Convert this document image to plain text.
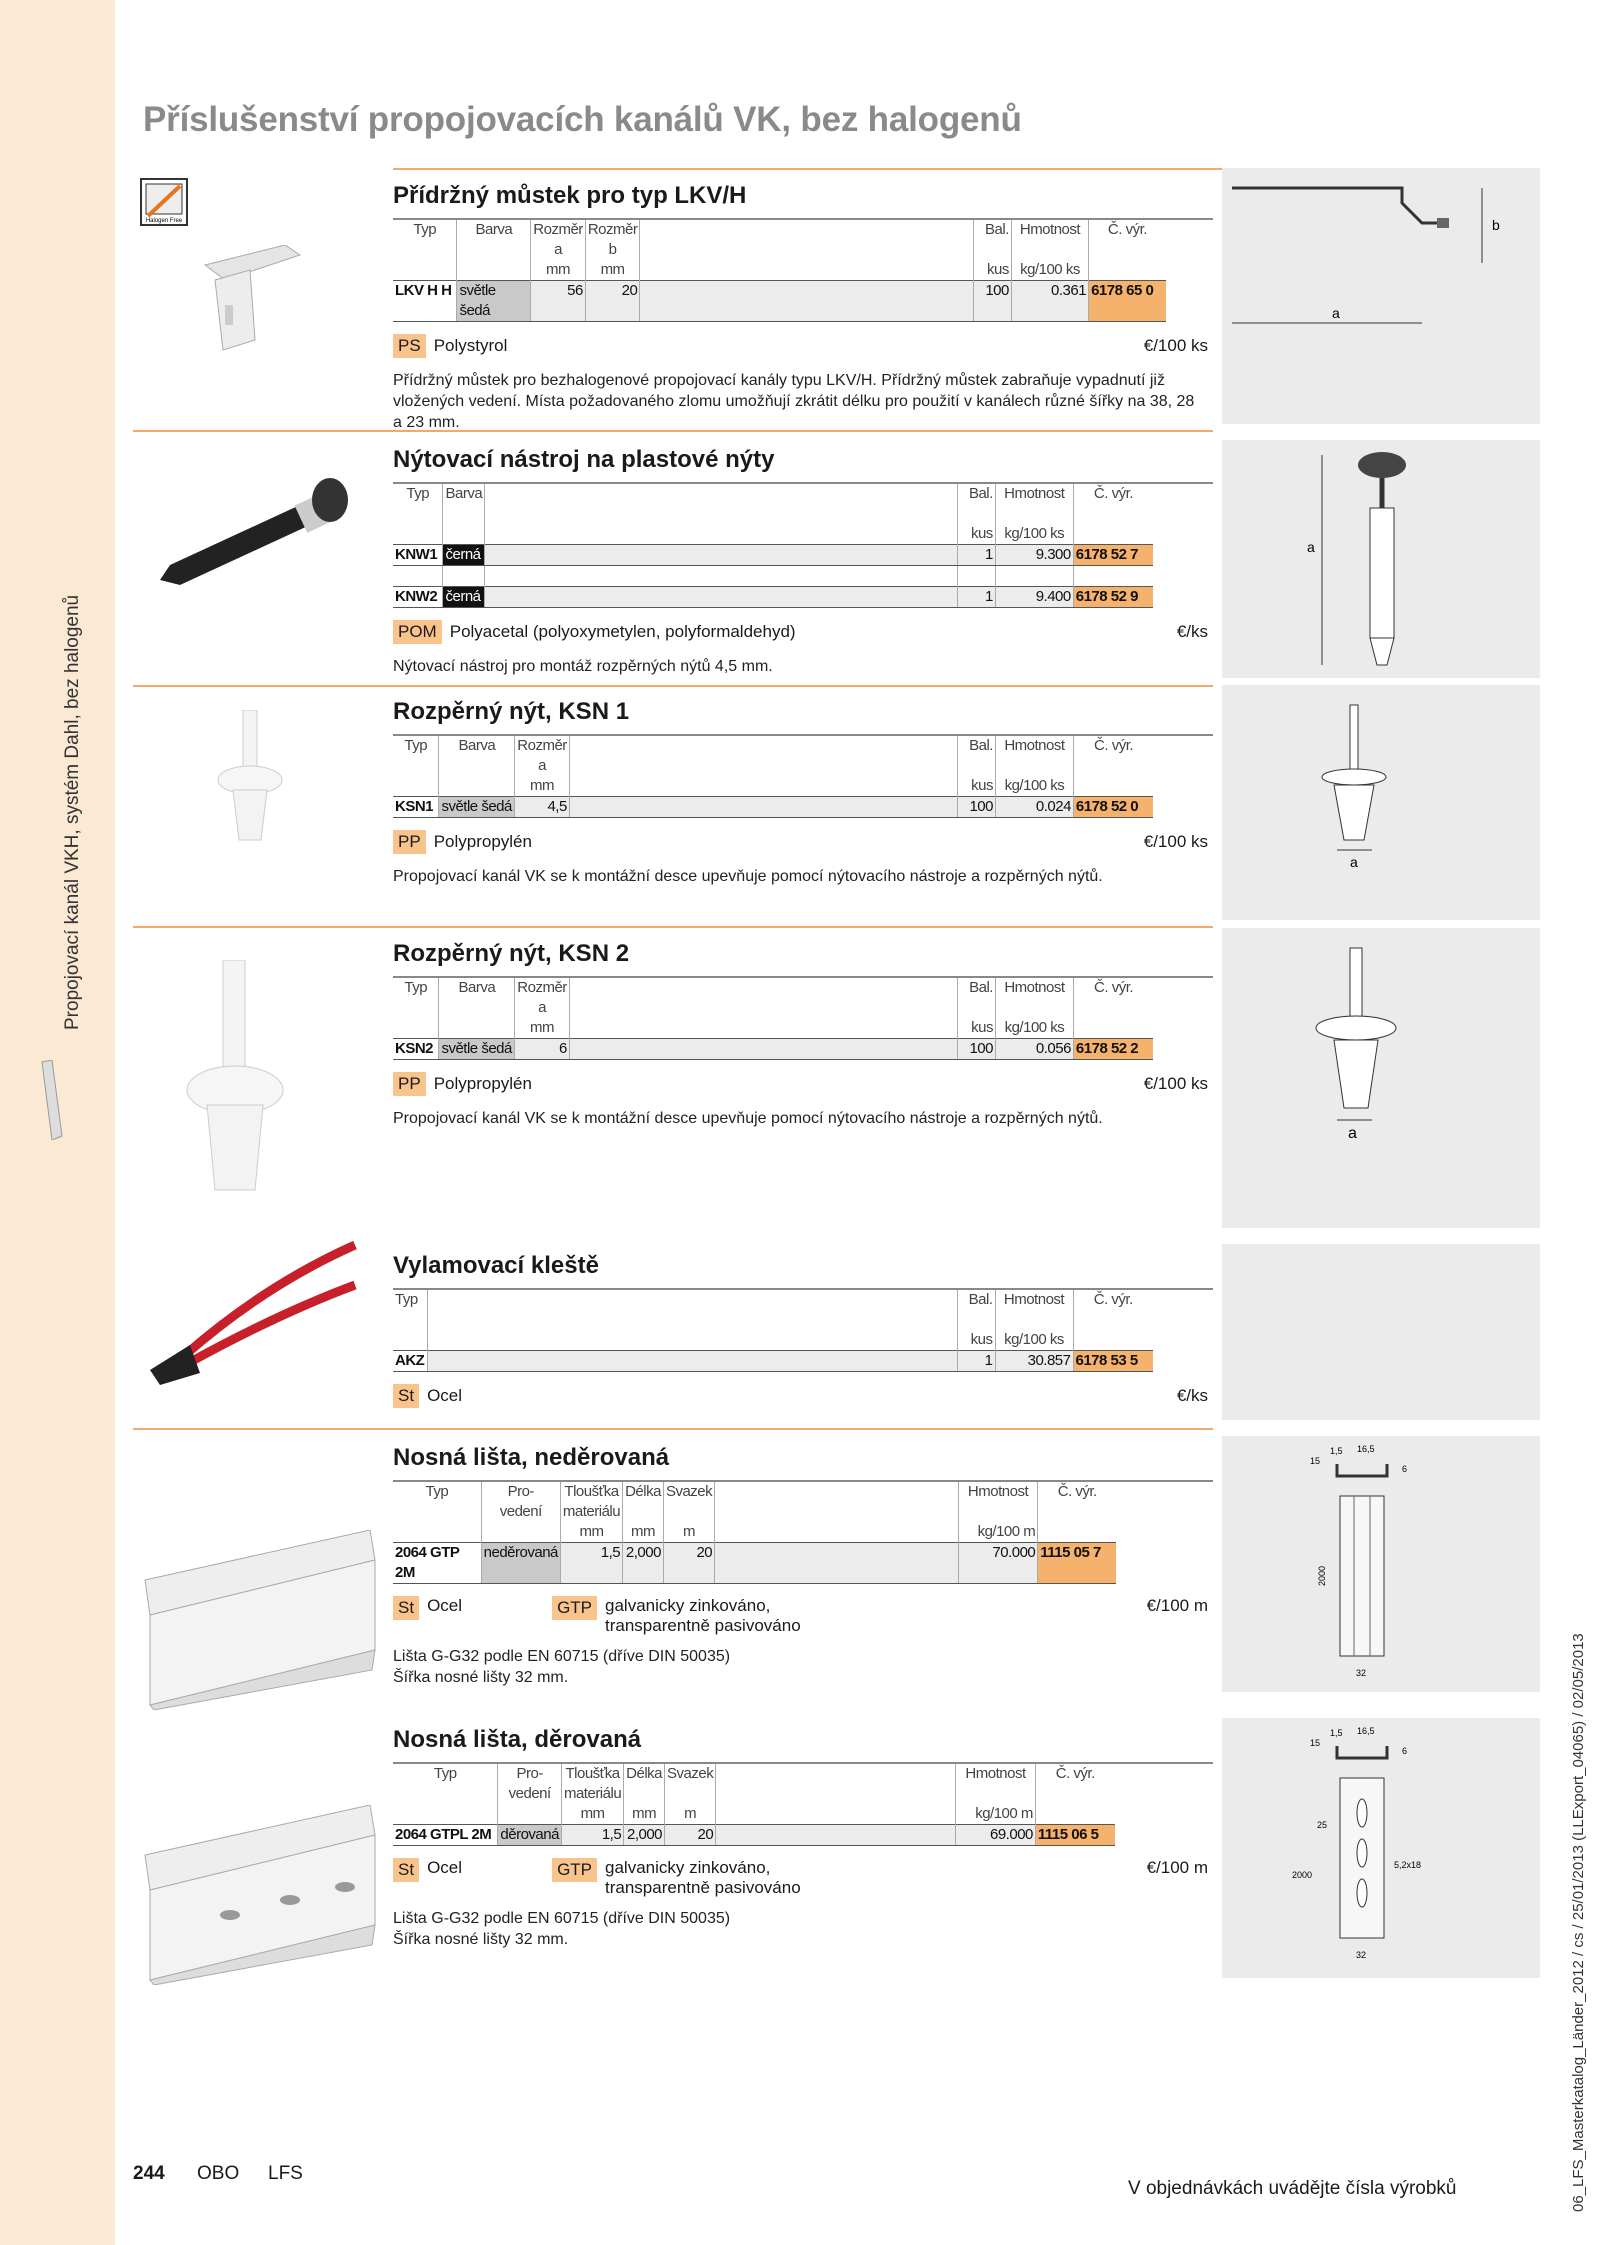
Propojovací kanál VKH, systém Dahl, bez halogenů
Příslušenství propojovacích kanálů VK, bez halogenů
Halogen Free
Přídržný můstek pro typ LKV/H
Typ	Barva	Rozměr	Rozměr		Bal.	Hmotnost	Č. výr.	
		a	b					
		mm	mm		kus	kg/100 ks		
LKV H H	světle šedá	56	20		100	0.361	6178 65 0	
PS Polystyrol	€/100 ks
Přídržný můstek pro bezhalogenové propojovací kanály typu LKV/H. Přídržný můstek zabraňuje vypadnutí již vložených vedení. Místa požadovaného zlomu umožňují zkrátit délku pro použití v kanálech různé šířky na 38, 28 a 23 mm.
a
b
Nýtovací nástroj na plastové nýty
Typ	Barva		Bal.	Hmotnost	Č. výr.	

			kus	kg/100 ks		
KNW1	černá		1	9.300	6178 52 7	

KNW2	černá		1	9.400	6178 52 9	
POM Polyacetal (polyoxymetylen, polyformaldehyd)	€/ks
Nýtovací nástroj pro montáž rozpěrných nýtů 4,5 mm.
a
Rozpěrný nýt, KSN 1
Typ	Barva	Rozměr		Bal.	Hmotnost	Č. výr.	
		a					
		mm		kus	kg/100 ks		
KSN1	světle šedá	4,5		100	0.024	6178 52 0	
PP Polypropylén	€/100 ks
Propojovací kanál VK se k montážní desce upevňuje pomocí nýtovacího nástroje a rozpěrných nýtů.
a
Rozpěrný nýt, KSN 2
Typ	Barva	Rozměr		Bal.	Hmotnost	Č. výr.	
		a					
		mm		kus	kg/100 ks		
KSN2	světle šedá	6		100	0.056	6178 52 2	
PP Polypropylén	€/100 ks
Propojovací kanál VK se k montážní desce upevňuje pomocí nýtovacího nástroje a rozpěrných nýtů.
a
Vylamovací kleště
Typ		Bal.	Hmotnost	Č. výr.	

		kus	kg/100 ks		
AKZ		1	30.857	6178 53 5	
St Ocel	€/ks
Nosná lišta, neděrovaná
Typ	Pro-	Tloušťka	Délka	Svazek		Hmotnost	Č. výr.	
	vedení	materiálu						
		mm	mm	m		kg/100 m		
2064 GTP 2M	neděrovaná	1,5	2,000	20		70.000	1115 05 7	
St Ocel	GTP galvanicky zinkováno,
transparentně pasivováno
€/100 m
Lišta G-G32 podle EN 60715 (dříve DIN 50035)
Šířka nosné lišty 32 mm.
15
1,5 16,5
6
2000
32
Nosná lišta, děrovaná
Typ	Pro-	Tloušťka	Délka	Svazek		Hmotnost	Č. výr.	
	vedení	materiálu						
		mm	mm	m		kg/100 m		
2064 GTPL 2M	děrovaná	1,5	2,000	20		69.000	1115 06 5	
St Ocel	GTP galvanicky zinkováno,
transparentně pasivováno
€/100 m
Lišta G-G32 podle EN 60715 (dříve DIN 50035)
Šířka nosné lišty 32 mm.
15
1,5 16,5
6
25
2000
5,2x18
32
244 OBO LFS
V objednávkách uvádějte čísla výrobků	06_LFS_Masterkatalog_Länder_2012 / cs / 25/01/2013 (LLExport_04065) / 02/05/2013
